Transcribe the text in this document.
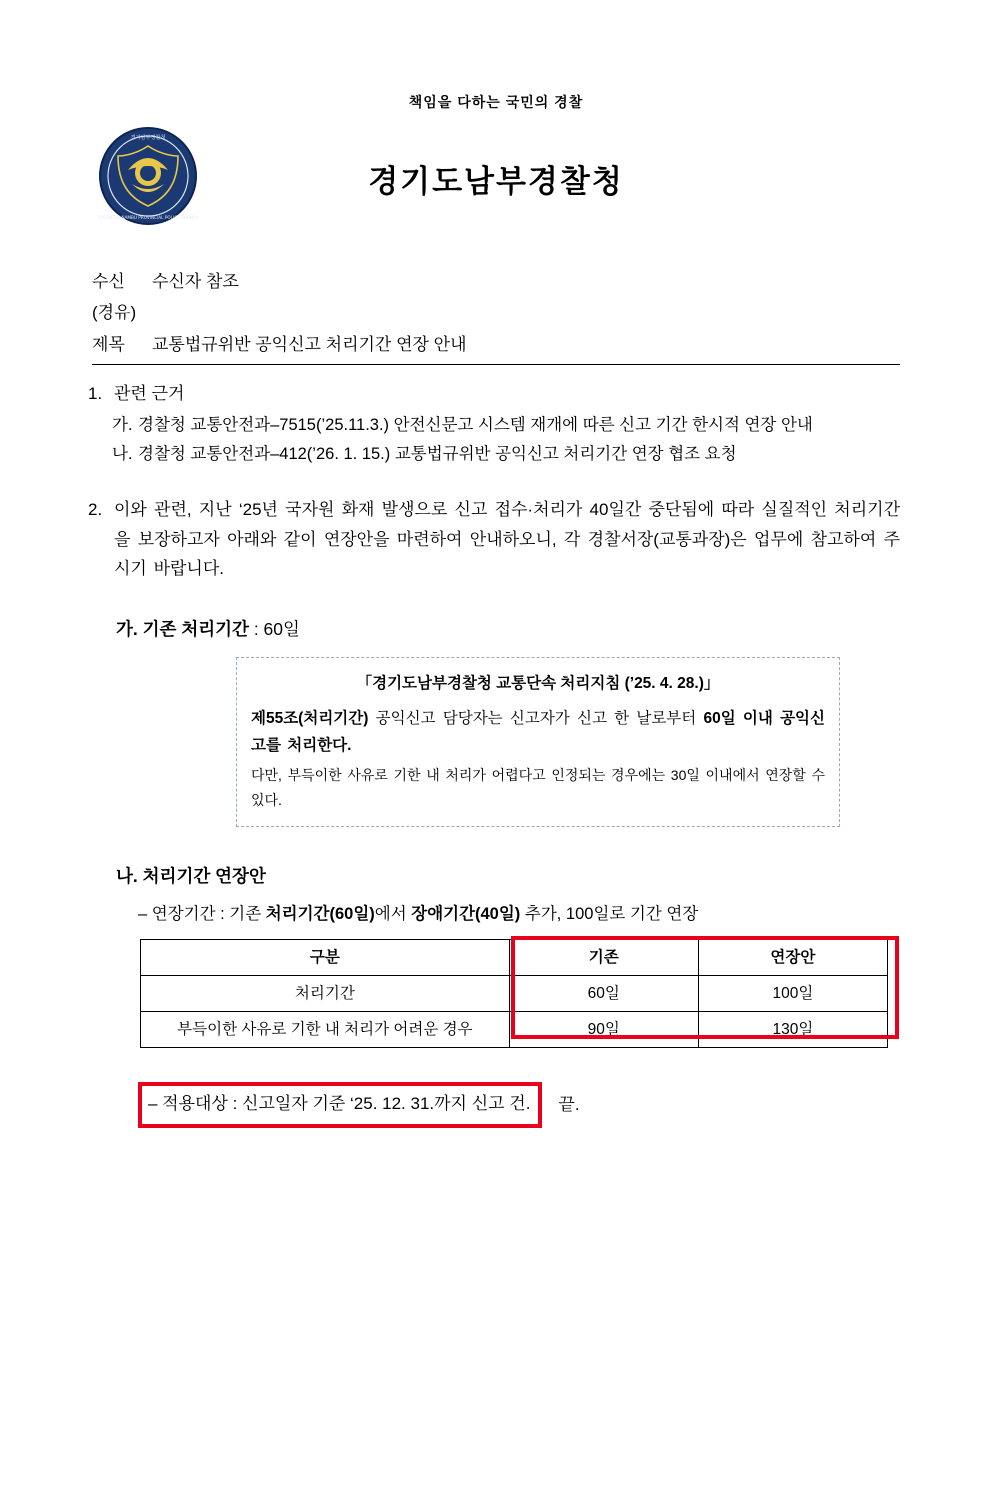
책임을 다하는 국민의 경찰
경기남부경찰청
GYEONGGI NAMBU PROVINCIAL POLICE AGENCY
경기도남부경찰청
수신 수신자 참조
(경유)
제목 교통법규위반 공익신고 처리기간 연장 안내
1. 관련 근거
가. 경찰청 교통안전과–7515(’25.11.3.) 안전신문고 시스템 재개에 따른 신고 기간 한시적 연장 안내
나. 경찰청 교통안전과–412(’26. 1. 15.) 교통법규위반 공익신고 처리기간 연장 협조 요청
2. 이와 관련, 지난 ‘25년 국자원 화재 발생으로 신고 접수·처리가 40일간 중단됨에 따라 실질적인 처리기간을 보장하고자 아래와 같이 연장안을 마련하여 안내하오니, 각 경찰서장(교통과장)은 업무에 참고하여 주시기 바랍니다.
가. 기존 처리기간 : 60일
「경기도남부경찰청 교통단속 처리지침 (’25. 4. 28.)」
제55조(처리기간) 공익신고 담당자는 신고자가 신고 한 날로부터 60일 이내 공익신고를 처리한다.
다만, 부득이한 사유로 기한 내 처리가 어렵다고 인정되는 경우에는 30일 이내에서 연장할 수 있다.
나. 처리기간 연장안
– 연장기간 : 기존 처리기간(60일)에서 장애기간(40일) 추가, 100일로 기간 연장
구분	기존	연장안
처리기간	60일	100일
부득이한 사유로 기한 내 처리가 어려운 경우	90일	130일
– 적용대상 : 신고일자 기준 ‘25. 12. 31.까지 신고 건.	끝.
